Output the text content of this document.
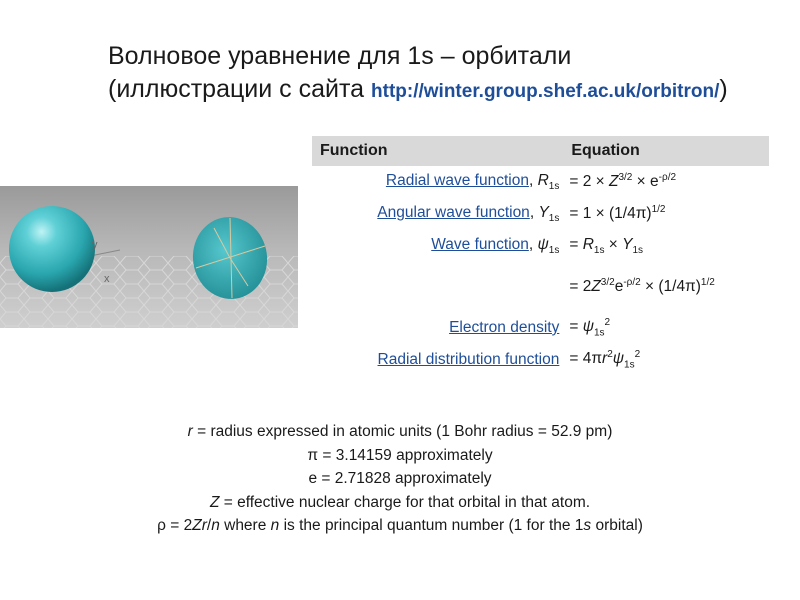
Волновое уравнение для 1s – орбитали
(иллюстрации с сайта http://winter.group.shef.ac.uk/orbitron/)
y
x
Function	Equation
Radial wave function, $R_{1s}$	= $2 \times Z^{3/2} \times e^{-\rho/2}$
Angular wave function, $Y_{1s}$	= $1 \times (1/4\pi)^{1/2}$
Wave function, $\psi_{1s}$	= $R_{1s} \times Y_{1s}$
	= $2Z^{3/2}e^{-\rho/2} \times (1/4\pi)^{1/2}$
Electron density	= $\psi_{1s}^2$
Radial distribution function	= $4\pi r^2\psi_{1s}^2$
r = radius expressed in atomic units (1 Bohr radius = 52.9 pm)
π = 3.14159 approximately
e = 2.71828 approximately
Z = effective nuclear charge for that orbital in that atom.
ρ = 2Zr/n where n is the principal quantum number (1 for the 1s orbital)
